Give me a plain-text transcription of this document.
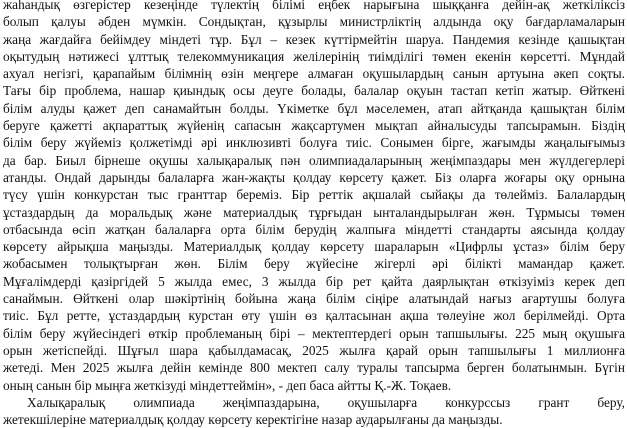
жаһандық өзгерістер кезеңінде түлектің білімі еңбек нарығына шыққанға дейін-ақ жеткіліксіз
болып қалуы әбден мүмкін. Сондықтан, құзырлы министрліктің алдында оқу бағдарламаларын
жаңа жағдайға бейімдеу міндеті тұр. Бұл – кезек күттірмейтін шаруа. Пандемия кезінде қашықтан
оқытудың нәтижесі ұлттық телекоммуникация желілерінің тиімділігі төмен екенін көрсетті. Мұндай
ахуал негізгі, қарапайым білімнің өзін меңгере алмаған оқушылардың санын артуына әкеп соқты.
Тағы бір проблема, нашар қиындық осы деуге болады, балалар оқуын тастап кетіп жатыр. Өйткені
білім алуды қажет деп санамайтын болды. Үкіметке бұл мәселемен, атап айтқанда қашықтан білім
беруге қажетті ақпараттық жүйенің сапасын жақсартумен мықтап айналысуды тапсырамын. Біздің
білім беру жүйеміз қолжетімді әрі инклюзивті болуға тиіс. Сонымен бірге, жағымды жаңалығымыз
да бар. Биыл бірнеше оқушы халықаралық пән олимпиадаларының жеңімпаздары мен жүлдегерлері
атанды. Ондай дарынды балаларға жан-жақты қолдау көрсету қажет. Біз оларға жоғары оқу орнына
түсу үшін конкурстан тыс гранттар береміз. Бір реттік ақшалай сыйақы да төлейміз. Балалардың
ұстаздардың да моральдық және материалдық тұрғыдан ынталандырылған жөн. Тұрмысы төмен
отбасында өсіп жатқан балаларға орта білім берудің жалпыға міндетті стандарты аясында қолдау
көрсету айрықша маңызды. Материалдық қолдау көрсету шараларын «Цифрлы ұстаз» білім беру
жобасымен толықтырған жөн. Білім беру жүйесіне жігерлі әрі білікті мамандар қажет.
Мұғалімдерді қазіргідей 5 жылда емес, 3 жылда бір рет қайта даярлықтан өткізуіміз керек деп
санаймын. Өйткені олар шәкіртінің бойына жаңа білім сіңіре алатындай нағыз ағартушы болуға
тиіс. Бұл ретте, ұстаздардың курстан өту үшін өз қалтасынан ақша төлеуіне жол берілмейді. Орта
білім беру жүйесіндегі өткір проблеманың бірі – мектептердегі орын тапшылығы. 225 мың оқушыға
орын жетіспейді. Шұғыл шара қабылдамасақ, 2025 жылға қарай орын тапшылығы 1 миллионға
жетеді. Мен 2025 жылға дейін кемінде 800 мектеп салу туралы тапсырма берген болатынмын. Бүгін
оның санын бір мыңға жеткізуді міндеттеймін», - деп баса айтты Қ.-Ж. Тоқаев.

Халықаралық олимпиада жеңімпаздарына, оқушыларға конкурссыз грант беру,
жетекшілеріне материалдық қолдау көрсету керектігіне назар аударылғаны да маңызды.
